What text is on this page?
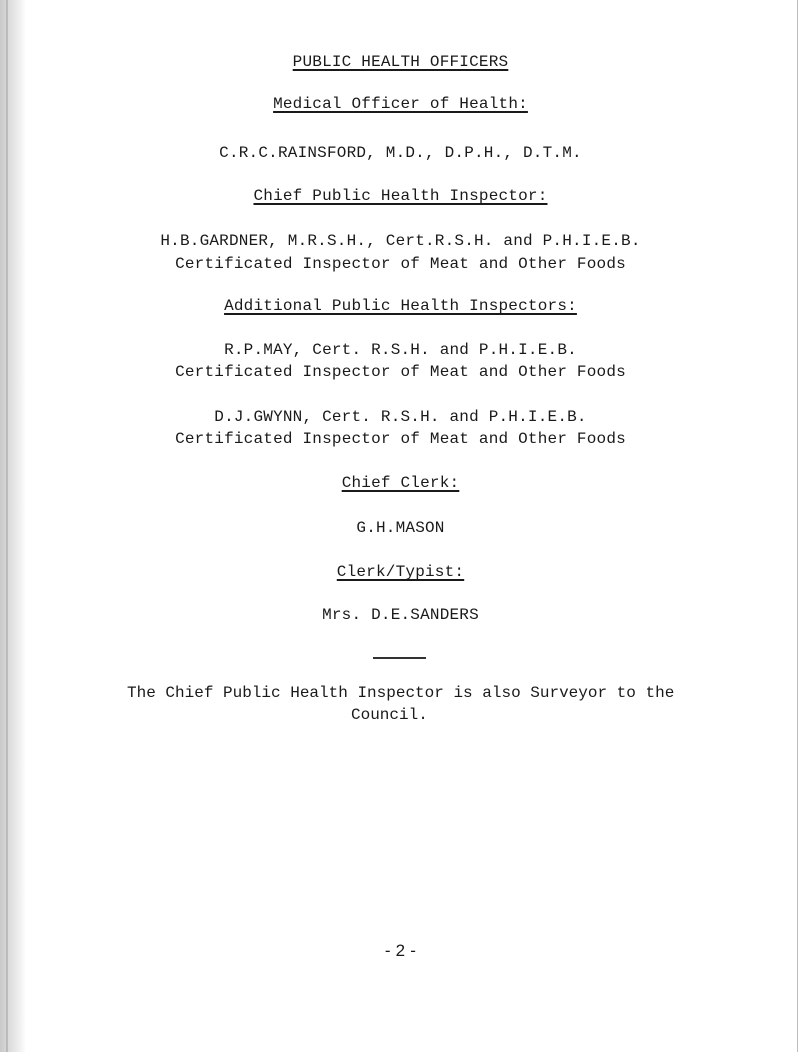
PUBLIC HEALTH OFFICERS
Medical Officer of Health:
C.R.C.RAINSFORD, M.D., D.P.H., D.T.M.
Chief Public Health Inspector:
H.B.GARDNER, M.R.S.H., Cert.R.S.H. and P.H.I.E.B.
Certificated Inspector of Meat and Other Foods
Additional Public Health Inspectors:
R.P.MAY, Cert. R.S.H. and P.H.I.E.B.
Certificated Inspector of Meat and Other Foods
D.J.GWYNN, Cert. R.S.H. and P.H.I.E.B.
Certificated Inspector of Meat and Other Foods
Chief Clerk:
G.H.MASON
Clerk/Typist:
Mrs. D.E.SANDERS
The Chief Public Health Inspector is also Surveyor to the
Council.
- 2 -
